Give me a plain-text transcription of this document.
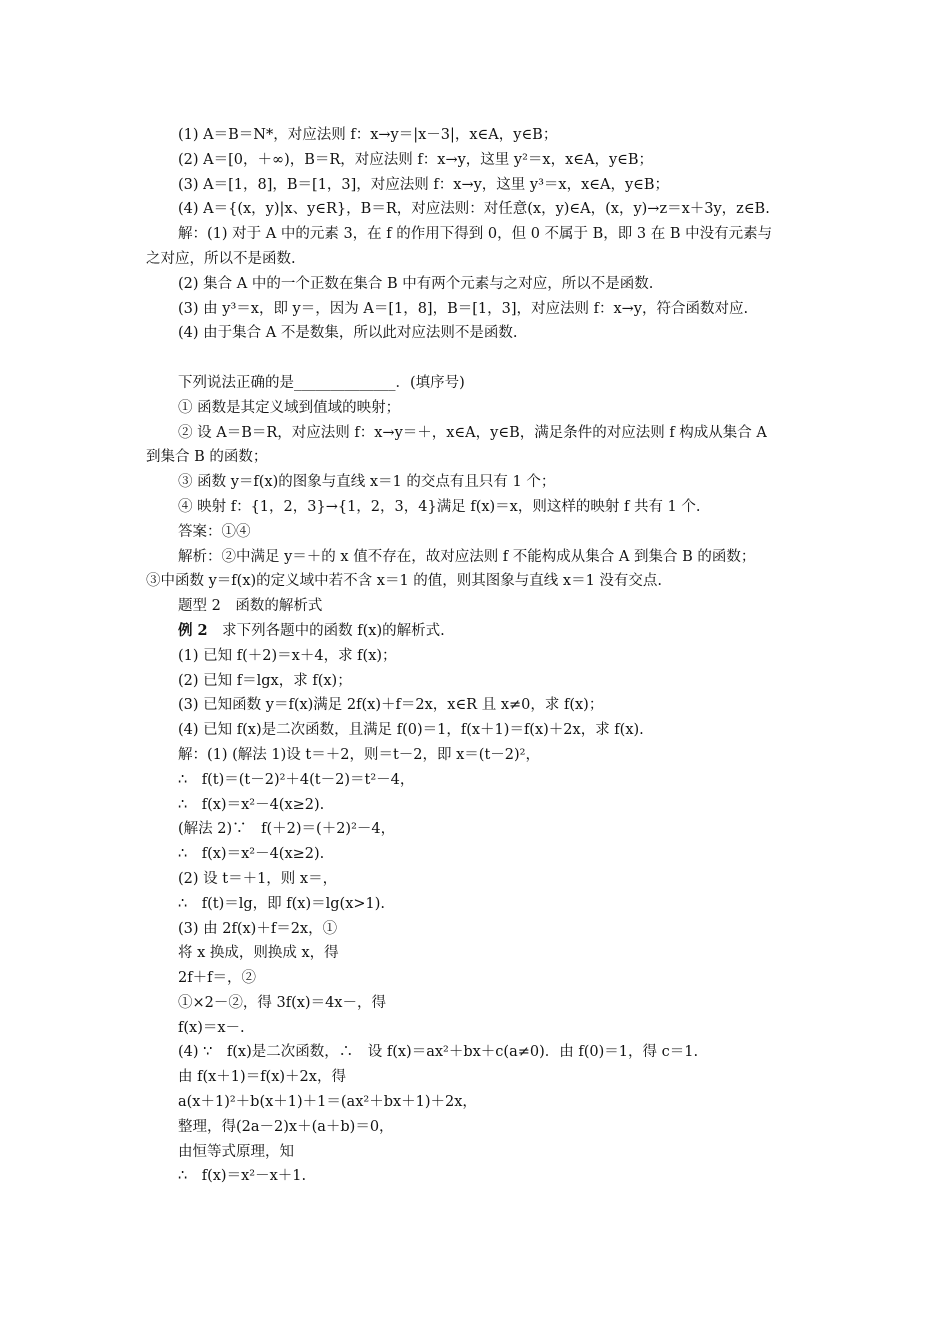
(1) A＝B＝N*，对应法则 f：x→y＝|x－3|，x∈A，y∈B；
(2) A＝[0，＋∞)，B＝R，对应法则 f：x→y，这里 y²＝x，x∈A，y∈B；
(3) A＝[1，8]，B＝[1，3]，对应法则 f：x→y，这里 y³＝x，x∈A，y∈B；
(4) A＝{(x，y)|x、y∈R}，B＝R，对应法则：对任意(x，y)∈A，(x，y)→z＝x＋3y，z∈B.
解：(1) 对于 A 中的元素 3，在 f 的作用下得到 0，但 0 不属于 B，即 3 在 B 中没有元素与
之对应，所以不是函数.
(2) 集合 A 中的一个正数在集合 B 中有两个元素与之对应，所以不是函数.
(3) 由 y³＝x，即 y＝，因为 A＝[1，8]，B＝[1，3]，对应法则 f：x→y，符合函数对应.
(4) 由于集合 A 不是数集，所以此对应法则不是函数.
下列说法正确的是______________．(填序号)
① 函数是其定义域到值域的映射；
② 设 A＝B＝R，对应法则 f：x→y＝＋，x∈A，y∈B，满足条件的对应法则 f 构成从集合 A
到集合 B 的函数；
③ 函数 y＝f(x)的图象与直线 x＝1 的交点有且只有 1 个；
④ 映射 f：{1，2，3}→{1，2，3，4}满足 f(x)＝x，则这样的映射 f 共有 1 个.
答案：①④
解析：②中满足 y＝＋的 x 值不存在，故对应法则 f 不能构成从集合 A 到集合 B 的函数；
③中函数 y＝f(x)的定义域中若不含 x＝1 的值，则其图象与直线 x＝1 没有交点.
题型 2　函数的解析式
例 2　求下列各题中的函数 f(x)的解析式.
(1) 已知 f(＋2)＝x＋4，求 f(x)；
(2) 已知 f＝lgx，求 f(x)；
(3) 已知函数 y＝f(x)满足 2f(x)＋f＝2x，x∈R 且 x≠0，求 f(x)；
(4) 已知 f(x)是二次函数，且满足 f(0)＝1，f(x＋1)＝f(x)＋2x，求 f(x).
解：(1) (解法 1)设 t＝＋2，则＝t－2，即 x＝(t－2)²，
∴　f(t)＝(t－2)²＋4(t－2)＝t²－4，
∴　f(x)＝x²－4(x≥2).
(解法 2)∵　f(＋2)＝(＋2)²－4，
∴　f(x)＝x²－4(x≥2).
(2) 设 t＝＋1，则 x＝，
∴　f(t)＝lg，即 f(x)＝lg(x>1).
(3) 由 2f(x)＋f＝2x，①
将 x 换成，则换成 x，得
2f＋f＝，②
①×2－②，得 3f(x)＝4x－，得
f(x)＝x－.
(4) ∵　f(x)是二次函数，∴　设 f(x)＝ax²＋bx＋c(a≠0)．由 f(0)＝1，得 c＝1.
由 f(x＋1)＝f(x)＋2x，得
a(x＋1)²＋b(x＋1)＋1＝(ax²＋bx＋1)＋2x，
整理，得(2a－2)x＋(a＋b)＝0，
由恒等式原理，知
∴　f(x)＝x²－x＋1.
